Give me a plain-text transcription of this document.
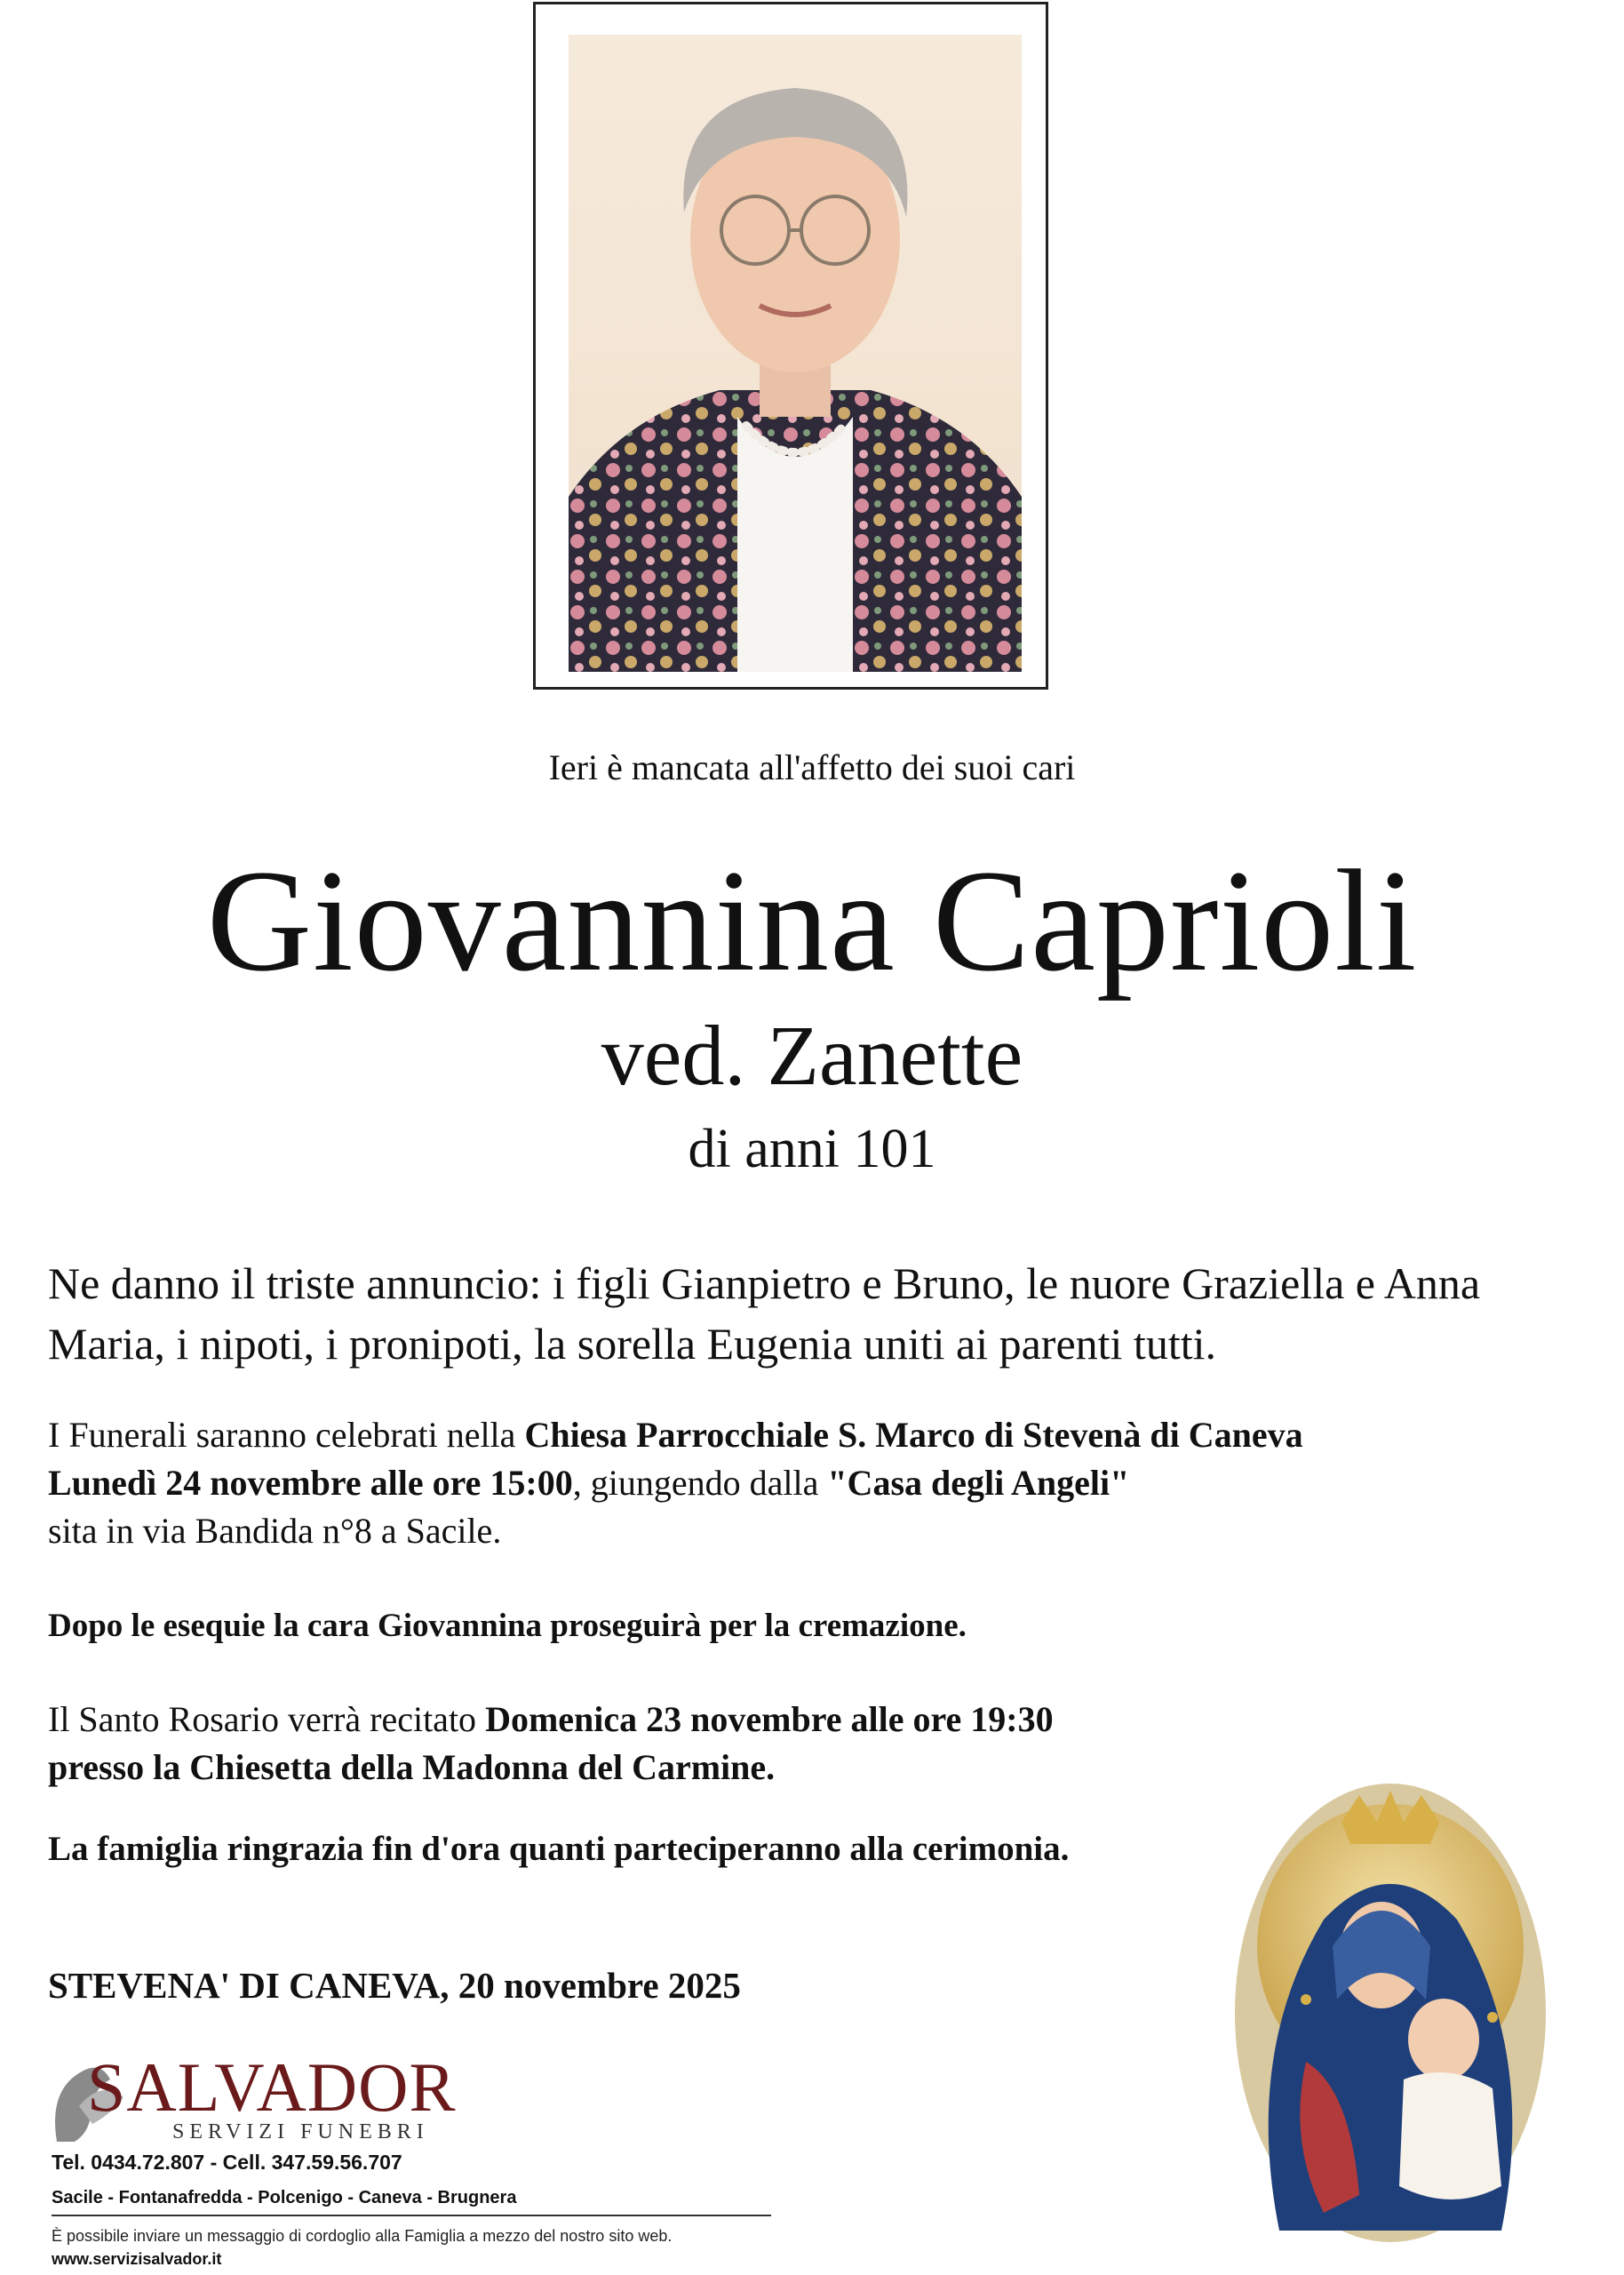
Ieri è mancata all'affetto dei suoi cari
Giovannina Caprioli
ved. Zanette
di anni 101
Ne danno il triste annuncio: i figli Gianpietro e Bruno, le nuore Graziella e Anna Maria, i nipoti, i pronipoti, la sorella Eugenia uniti ai parenti tutti.
I Funerali saranno celebrati nella Chiesa Parrocchiale S. Marco di Stevenà di Caneva
Lunedì 24 novembre alle ore 15:00, giungendo dalla "Casa degli Angeli"
sita in via Bandida n°8 a Sacile.
Dopo le esequie la cara Giovannina proseguirà per la cremazione.
Il Santo Rosario verrà recitato Domenica 23 novembre alle ore 19:30
presso la Chiesetta della Madonna del Carmine.
La famiglia ringrazia fin d'ora quanti parteciperanno alla cerimonia.
STEVENA' DI CANEVA, 20 novembre 2025
SALVADOR
SERVIZI FUNEBRI
Tel. 0434.72.807 - Cell. 347.59.56.707
Sacile - Fontanafredda - Polcenigo - Caneva - Brugnera
È possibile inviare un messaggio di cordoglio alla Famiglia a mezzo del nostro sito web.
www.servizisalvador.it
